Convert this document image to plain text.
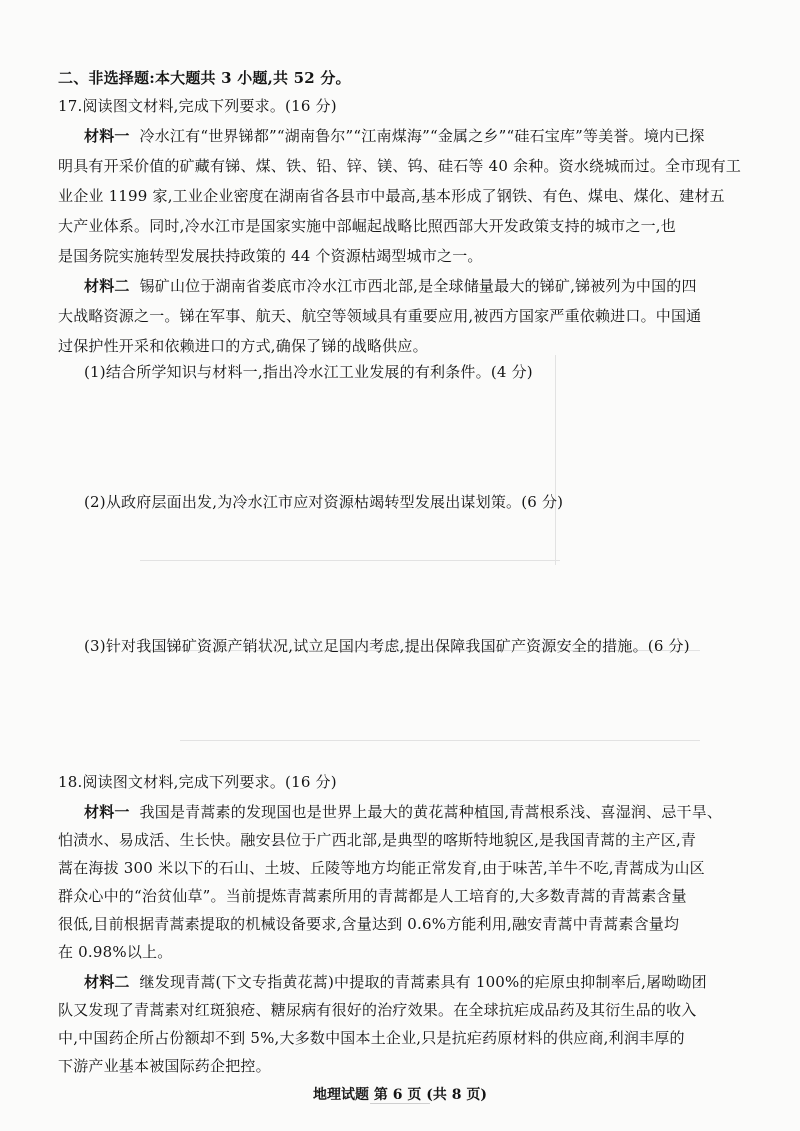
二、非选择题:本大题共 3 小题,共 52 分。
17.阅读图文材料,完成下列要求。(16 分)
材料一 冷水江有“世界锑都”“湖南鲁尔”“江南煤海”“金属之乡”“硅石宝库”等美誉。境内已探
明具有开采价值的矿藏有锑、煤、铁、铅、锌、镁、钨、硅石等 40 余种。资水绕城而过。全市现有工
业企业 1199 家,工业企业密度在湖南省各县市中最高,基本形成了钢铁、有色、煤电、煤化、建材五
大产业体系。同时,冷水江市是国家实施中部崛起战略比照西部大开发政策支持的城市之一,也
是国务院实施转型发展扶持政策的 44 个资源枯竭型城市之一。
材料二 锡矿山位于湖南省娄底市冷水江市西北部,是全球储量最大的锑矿,锑被列为中国的四
大战略资源之一。锑在军事、航天、航空等领域具有重要应用,被西方国家严重依赖进口。中国通
过保护性开采和依赖进口的方式,确保了锑的战略供应。
(1)结合所学知识与材料一,指出冷水江工业发展的有利条件。(4 分)
(2)从政府层面出发,为冷水江市应对资源枯竭转型发展出谋划策。(6 分)
(3)针对我国锑矿资源产销状况,试立足国内考虑,提出保障我国矿产资源安全的措施。(6 分)
18.阅读图文材料,完成下列要求。(16 分)
材料一 我国是青蒿素的发现国也是世界上最大的黄花蒿种植国,青蒿根系浅、喜湿润、忌干旱、
怕渍水、易成活、生长快。融安县位于广西北部,是典型的喀斯特地貌区,是我国青蒿的主产区,青
蒿在海拔 300 米以下的石山、土坡、丘陵等地方均能正常发育,由于味苦,羊牛不吃,青蒿成为山区
群众心中的“治贫仙草”。当前提炼青蒿素所用的青蒿都是人工培育的,大多数青蒿的青蒿素含量
很低,目前根据青蒿素提取的机械设备要求,含量达到 0.6%方能利用,融安青蒿中青蒿素含量均
在 0.98%以上。
材料二 继发现青蒿(下文专指黄花蒿)中提取的青蒿素具有 100%的疟原虫抑制率后,屠呦呦团
队又发现了青蒿素对红斑狼疮、糖尿病有很好的治疗效果。在全球抗疟成品药及其衍生品的收入
中,中国药企所占份额却不到 5%,大多数中国本土企业,只是抗疟药原材料的供应商,利润丰厚的
下游产业基本被国际药企把控。
地理试题 第 6 页 (共 8 页)
